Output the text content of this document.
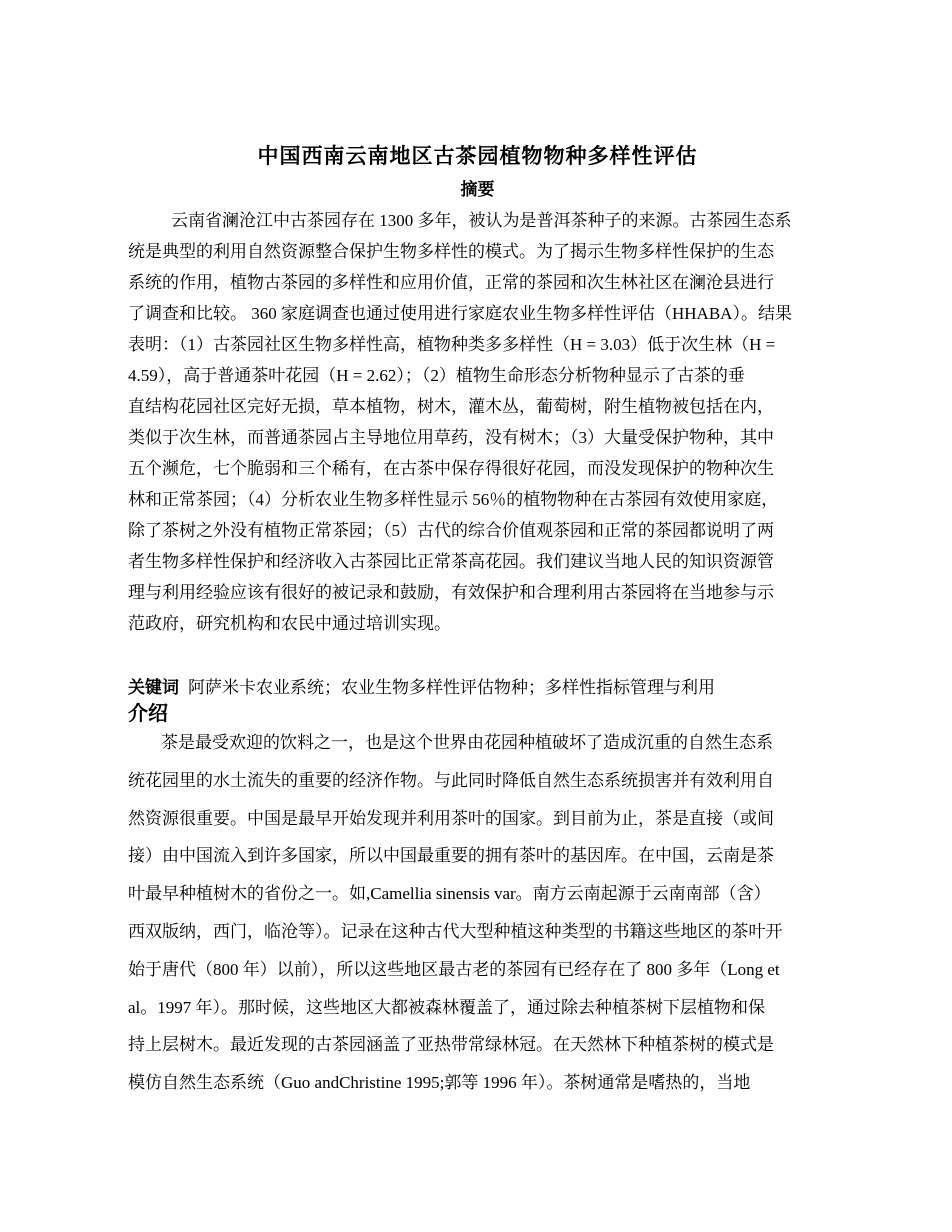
中国西南云南地区古茶园植物物种多样性评估
摘要
云南省澜沧江中古茶园存在 1300 多年，被认为是普洱茶种子的来源。古茶园生态系
统是典型的利用自然资源整合保护生物多样性的模式。为了揭示生物多样性保护的生态
系统的作用，植物古茶园的多样性和应用价值，正常的茶园和次生林社区在澜沧县进行
了调查和比较。 360 家庭调查也通过使用进行家庭农业生物多样性评估（HHABA）。结果
表明：（1）古茶园社区生物多样性高，植物种类多多样性（H = 3.03）低于次生林（H =
4.59），高于普通茶叶花园（H = 2.62）；（2）植物生命形态分析物种显示了古茶的垂
直结构花园社区完好无损，草本植物，树木，灌木丛，葡萄树，附生植物被包括在内，
类似于次生林，而普通茶园占主导地位用草药，没有树木；（3）大量受保护物种，其中
五个濒危，七个脆弱和三个稀有，在古茶中保存得很好花园，而没发现保护的物种次生
林和正常茶园；（4）分析农业生物多样性显示 56％的植物物种在古茶园有效使用家庭，
除了茶树之外没有植物正常茶园；（5）古代的综合价值观茶园和正常的茶园都说明了两
者生物多样性保护和经济收入古茶园比正常茶高花园。我们建议当地人民的知识资源管
理与利用经验应该有很好的被记录和鼓励，有效保护和合理利用古茶园将在当地参与示
范政府，研究机构和农民中通过培训实现。
关键词 阿萨米卡农业系统；农业生物多样性评估物种；多样性指标管理与利用
介绍
茶是最受欢迎的饮料之一，也是这个世界由花园种植破坏了造成沉重的自然生态系
统花园里的水土流失的重要的经济作物。与此同时降低自然生态系统损害并有效利用自
然资源很重要。中国是最早开始发现并利用茶叶的国家。到目前为止，茶是直接（或间
接）由中国流入到许多国家，所以中国最重要的拥有茶叶的基因库。在中国，云南是茶
叶最早种植树木的省份之一。如,Camellia sinensis var。南方云南起源于云南南部（含）
西双版纳，西门，临沧等）。记录在这种古代大型种植这种类型的书籍这些地区的茶叶开
始于唐代（800 年）以前），所以这些地区最古老的茶园有已经存在了 800 多年（Long et
al。1997 年）。那时候，这些地区大都被森林覆盖了，通过除去种植茶树下层植物和保
持上层树木。最近发现的古茶园涵盖了亚热带常绿林冠。在天然林下种植茶树的模式是
模仿自然生态系统（Guo andChristine 1995;郭等 1996 年）。茶树通常是嗜热的，当地
